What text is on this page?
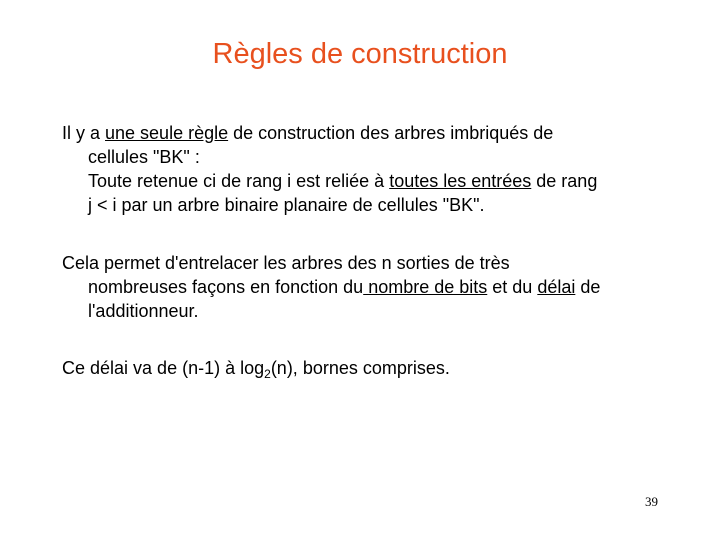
Règles de construction
Il y a une seule règle de construction des arbres imbriqués de
cellules "BK" :
Toute retenue ci de rang i est reliée à toutes les entrées de rang
j < i par un arbre binaire planaire de cellules "BK".
Cela permet d'entrelacer les arbres des n sorties de très
nombreuses façons en fonction du nombre de bits et du délai de
l'additionneur.
Ce délai va de (n-1) à $\log_2(n)$, bornes comprises.
39
